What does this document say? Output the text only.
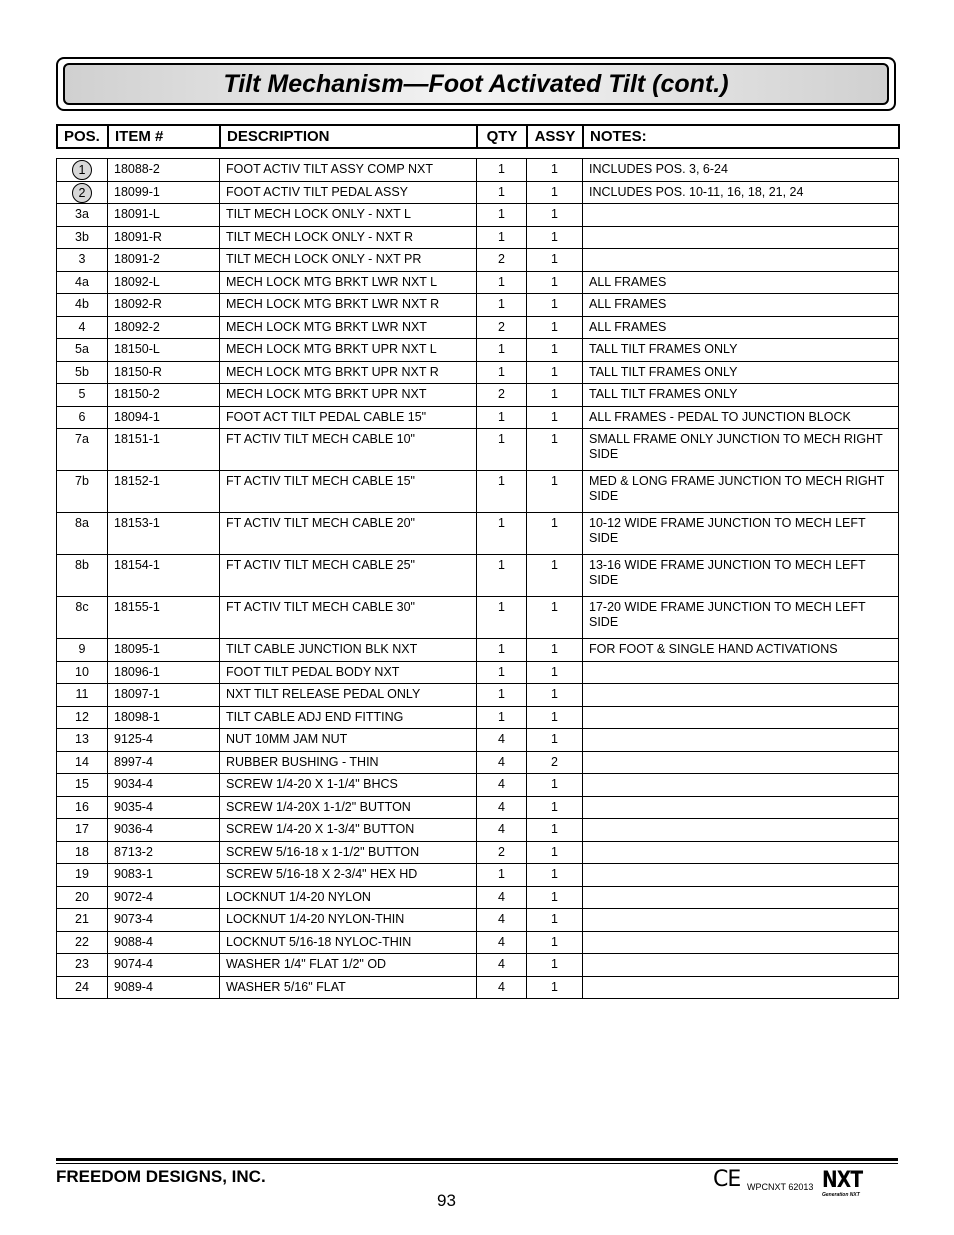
Tilt Mechanism—Foot Activated Tilt (cont.)
POS.	ITEM #	DESCRIPTION	QTY	ASSY	NOTES:
1	18088-2	FOOT ACTIV TILT ASSY COMP NXT	1	1	INCLUDES POS. 3, 6-24
2	18099-1	FOOT ACTIV TILT PEDAL ASSY	1	1	INCLUDES POS. 10-11, 16, 18, 21, 24
3a	18091-L	TILT MECH LOCK ONLY - NXT L	1	1	
3b	18091-R	TILT MECH LOCK ONLY - NXT R	1	1	
3	18091-2	TILT MECH LOCK ONLY - NXT PR	2	1	
4a	18092-L	MECH LOCK MTG BRKT LWR NXT L	1	1	ALL FRAMES
4b	18092-R	MECH LOCK MTG BRKT LWR NXT R	1	1	ALL FRAMES
4	18092-2	MECH LOCK MTG BRKT LWR NXT	2	1	ALL FRAMES
5a	18150-L	MECH LOCK MTG BRKT UPR NXT L	1	1	TALL TILT FRAMES ONLY
5b	18150-R	MECH LOCK MTG BRKT UPR NXT R	1	1	TALL TILT FRAMES ONLY
5	18150-2	MECH LOCK MTG BRKT UPR NXT	2	1	TALL TILT FRAMES ONLY
6	18094-1	FOOT ACT TILT PEDAL CABLE 15"	1	1	ALL FRAMES - PEDAL TO JUNCTION BLOCK
7a	18151-1	FT ACTIV TILT MECH CABLE 10"	1	1	SMALL FRAME ONLY JUNCTION TO MECH RIGHT SIDE
7b	18152-1	FT ACTIV TILT MECH CABLE 15"	1	1	MED & LONG FRAME JUNCTION TO MECH RIGHT SIDE
8a	18153-1	FT ACTIV TILT MECH CABLE 20"	1	1	10-12 WIDE FRAME JUNCTION TO MECH LEFT SIDE
8b	18154-1	FT ACTIV TILT MECH CABLE 25"	1	1	13-16 WIDE FRAME JUNCTION TO MECH LEFT SIDE
8c	18155-1	FT ACTIV TILT MECH CABLE 30"	1	1	17-20 WIDE FRAME JUNCTION TO MECH LEFT SIDE
9	18095-1	TILT CABLE JUNCTION BLK NXT	1	1	FOR FOOT & SINGLE HAND ACTIVATIONS
10	18096-1	FOOT TILT PEDAL BODY NXT	1	1	
11	18097-1	NXT TILT RELEASE PEDAL ONLY	1	1	
12	18098-1	TILT CABLE ADJ END FITTING	1	1	
13	9125-4	NUT 10MM JAM NUT	4	1	
14	8997-4	RUBBER BUSHING - THIN	4	2	
15	9034-4	SCREW 1/4-20 X 1-1/4" BHCS	4	1	
16	9035-4	SCREW 1/4-20X 1-1/2" BUTTON	4	1	
17	9036-4	SCREW 1/4-20 X 1-3/4" BUTTON	4	1	
18	8713-2	SCREW 5/16-18 x 1-1/2" BUTTON	2	1	
19	9083-1	SCREW 5/16-18 X 2-3/4" HEX HD	1	1	
20	9072-4	LOCKNUT 1/4-20 NYLON	4	1	
21	9073-4	LOCKNUT 1/4-20 NYLON-THIN	4	1	
22	9088-4	LOCKNUT 5/16-18 NYLOC-THIN	4	1	
23	9074-4	WASHER 1/4" FLAT 1/2" OD	4	1	
24	9089-4	WASHER 5/16" FLAT	4	1	
FREEDOM DESIGNS, INC.
93
CE WPCNXT 62013 NXT
Generation NXT
